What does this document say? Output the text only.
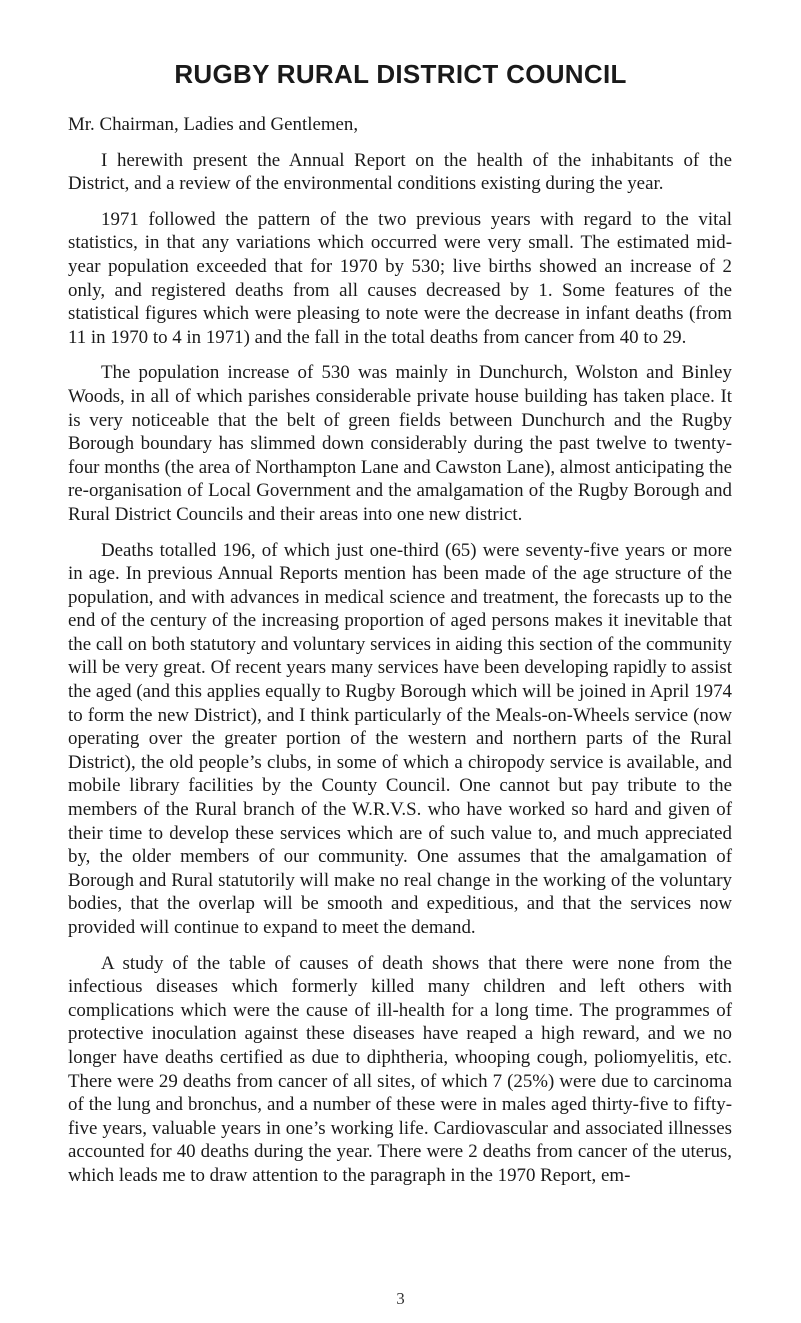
RUGBY RURAL DISTRICT COUNCIL

Mr. Chairman, Ladies and Gentlemen,

I herewith present the Annual Report on the health of the inhabitants of the District, and a review of the environmental conditions existing during the year.

1971 followed the pattern of the two previous years with regard to the vital statistics, in that any variations which occurred were very small. The estimated mid-year population exceeded that for 1970 by 530; live births showed an increase of 2 only, and registered deaths from all causes decreased by 1. Some features of the statistical figures which were pleasing to note were the decrease in infant deaths (from 11 in 1970 to 4 in 1971) and the fall in the total deaths from cancer from 40 to 29.

The population increase of 530 was mainly in Dunchurch, Wolston and Binley Woods, in all of which parishes considerable private house building has taken place. It is very noticeable that the belt of green fields between Dunchurch and the Rugby Borough boundary has slimmed down considerably during the past twelve to twenty-four months (the area of Northampton Lane and Cawston Lane), almost anticipating the re-organisation of Local Government and the amalgamation of the Rugby Borough and Rural District Councils and their areas into one new district.

Deaths totalled 196, of which just one-third (65) were seventy-five years or more in age. In previous Annual Reports mention has been made of the age structure of the population, and with advances in medical science and treatment, the forecasts up to the end of the century of the increasing proportion of aged persons makes it inevitable that the call on both statutory and voluntary services in aiding this section of the community will be very great. Of recent years many services have been developing rapidly to assist the aged (and this applies equally to Rugby Borough which will be joined in April 1974 to form the new District), and I think particularly of the Meals-on-Wheels service (now operating over the greater portion of the western and northern parts of the Rural District), the old people’s clubs, in some of which a chiropody service is available, and mobile library facilities by the County Council. One cannot but pay tribute to the members of the Rural branch of the W.R.V.S. who have worked so hard and given of their time to develop these services which are of such value to, and much appreciated by, the older members of our community. One assumes that the amalgamation of Borough and Rural statutorily will make no real change in the working of the voluntary bodies, that the overlap will be smooth and expeditious, and that the services now provided will continue to expand to meet the demand.

A study of the table of causes of death shows that there were none from the infectious diseases which formerly killed many children and left others with complications which were the cause of ill-health for a long time. The programmes of protective inoculation against these diseases have reaped a high reward, and we no longer have deaths certified as due to diphtheria, whooping cough, poliomyelitis, etc. There were 29 deaths from cancer of all sites, of which 7 (25%) were due to carcinoma of the lung and bronchus, and a number of these were in males aged thirty-five to fifty-five years, valuable years in one’s working life. Cardiovascular and associated illnesses accounted for 40 deaths during the year. There were 2 deaths from cancer of the uterus, which leads me to draw attention to the paragraph in the 1970 Report, em-

3
